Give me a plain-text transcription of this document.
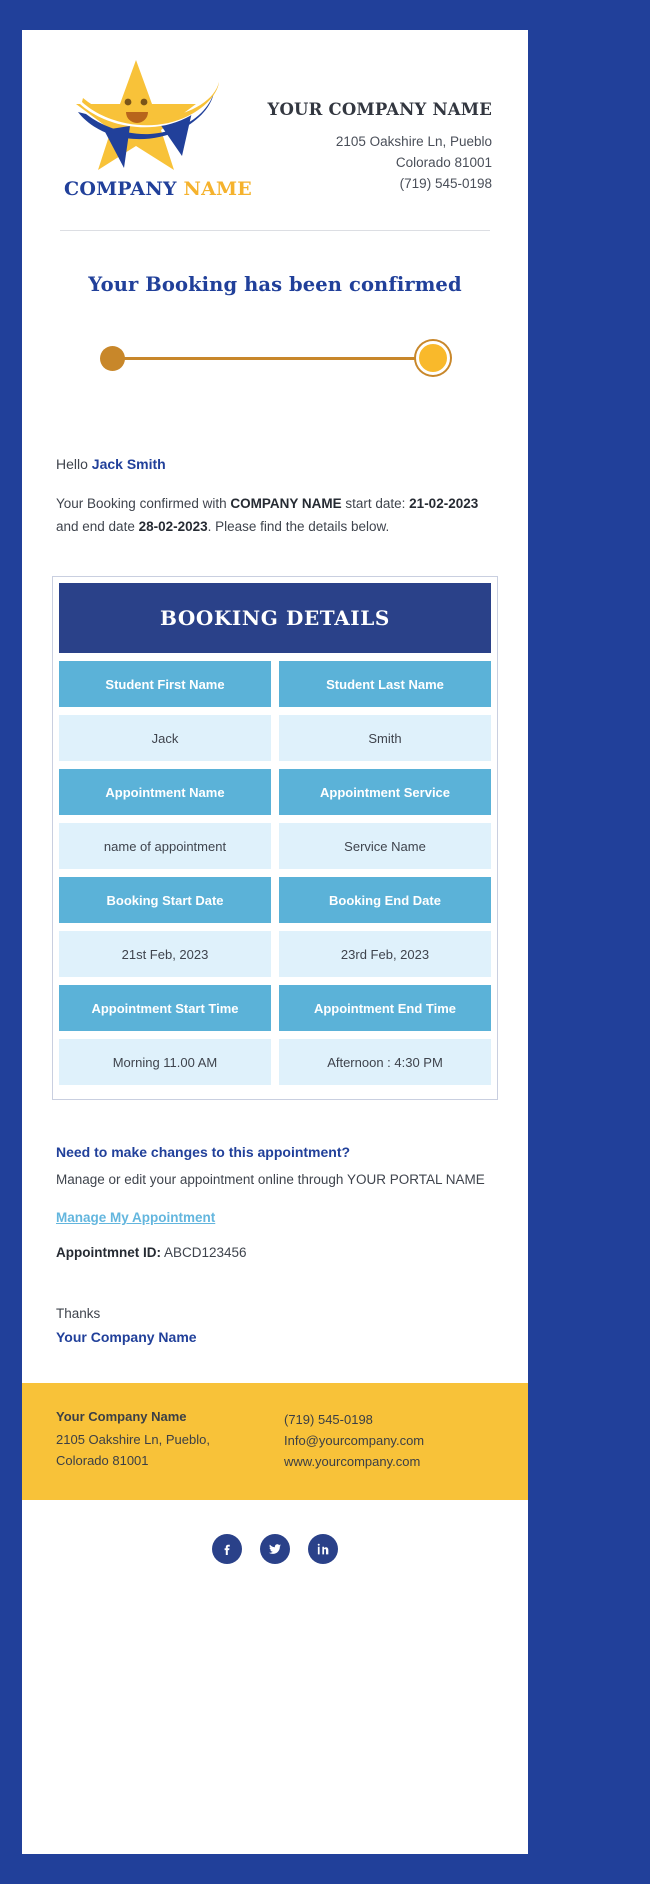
COMPANY NAME
YOUR COMPANY NAME
2105 Oakshire Ln, Pueblo
Colorado 81001
(719) 545-0198
Your Booking has been confirmed
Hello Jack Smith
Your Booking confirmed with COMPANY NAME start date: 21-02-2023 and end date 28-02-2023. Please find the details below.
BOOKING DETAILS
Student First Name	Student Last Name
Jack	Smith
Appointment Name	Appointment Service
name of appointment	Service Name
Booking Start Date	Booking End Date
21st Feb, 2023	23rd Feb, 2023
Appointment Start Time	Appointment End Time
Morning 11.00 AM	Afternoon : 4:30 PM
Need to make changes to this appointment?
Manage or edit your appointment online through YOUR PORTAL NAME
Manage My Appointment
Appointmnet ID: ABCD123456
Thanks
Your Company Name
Your Company Name
2105 Oakshire Ln, Pueblo,
Colorado 81001
(719) 545-0198
Info@yourcompany.com
www.yourcompany.com
